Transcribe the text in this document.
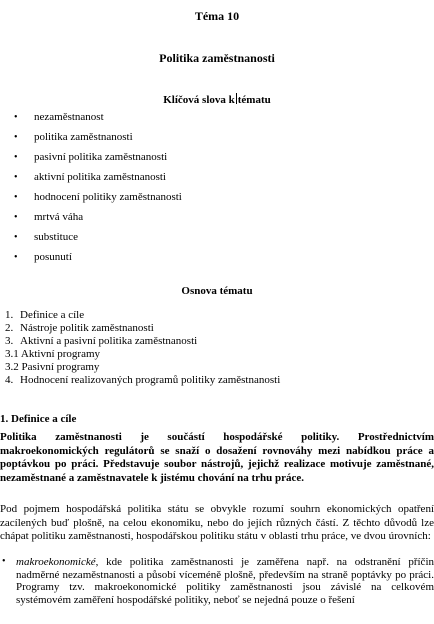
Téma 10
Politika zaměstnanosti
Klíčová slova k tématu
• nezaměstnanost
• politika zaměstnanosti
• pasivní politika zaměstnanosti
• aktivní politika zaměstnanosti
• hodnocení politiky zaměstnanosti
• mrtvá váha
• substituce
• posunutí
Osnova tématu
1. Definice a cíle
2. Nástroje politik zaměstnanosti
3. Aktivní a pasivní politika zaměstnanosti
3.1 Aktivní programy
3.2 Pasivní programy
4. Hodnocení realizovaných programů politiky zaměstnanosti
1. Definice a cíle
Politika zaměstnanosti je součástí hospodářské politiky. Prostřednictvím makroekonomických regulátorů se snaží o dosažení rovnováhy mezi nabídkou práce a poptávkou po práci. Představuje soubor nástrojů, jejichž realizace motivuje zaměstnané, nezaměstnané a zaměstnavatele k jistému chování na trhu práce.
Pod pojmem hospodářská politika státu se obvykle rozumí souhrn ekonomických opatření zacílených buď plošně, na celou ekonomiku, nebo do jejích různých částí. Z těchto důvodů lze chápat politiku zaměstnanosti, hospodářskou politiku státu v oblasti trhu práce, ve dvou úrovních:
• makroekonomické, kde politika zaměstnanosti je zaměřena např. na odstranění příčin nadměrné nezaměstnanosti a působí víceméně plošně, především na straně poptávky po práci. Programy tzv. makroekonomické politiky zaměstnanosti jsou závislé na celkovém systémovém zaměření hospodářské politiky, neboť se nejedná pouze o řešení
